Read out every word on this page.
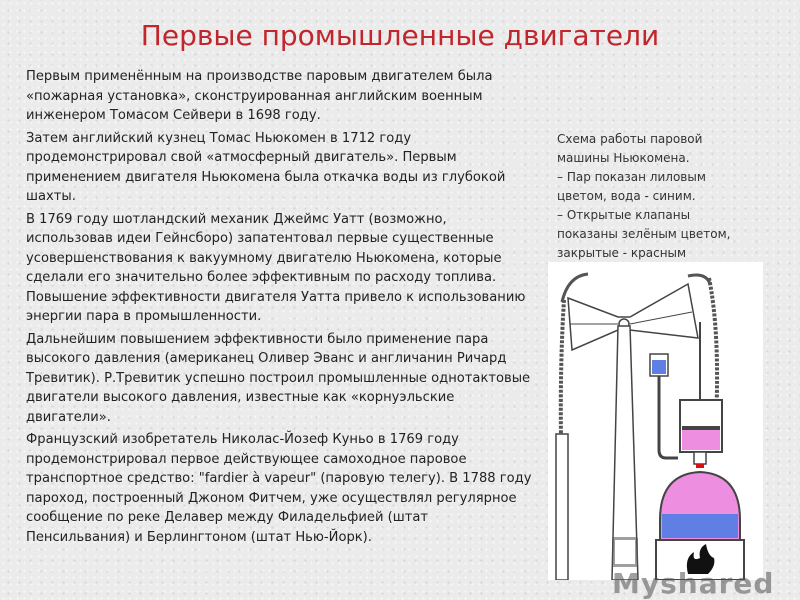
Первые промышленные двигатели

Первым применённым на производстве паровым двигателем была «пожарная установка», сконструированная английским военным инженером Томасом Сейвери в 1698 году.

Затем английский кузнец Томас Ньюкомен в 1712 году продемонстрировал свой «атмосферный двигатель». Первым применением двигателя Ньюкомена была откачка воды из глубокой шахты.

В 1769 году шотландский механик Джеймс Уатт (возможно, использовав идеи Гейнсборо) запатентовал первые существенные усовершенствования к вакуумному двигателю Ньюкомена, которые сделали его значительно более эффективным по расходу топлива. Повышение эффективности двигателя Уатта привело к использованию энергии пара в промышленности.

Дальнейшим повышением эффективности было применение пара высокого давления (американец Оливер Эванс и англичанин Ричард Тревитик). Р.Тревитик успешно построил промышленные однотактовые двигатели высокого давления, известные как «корнуэльские двигатели».

Французский изобретатель Николас-Йозеф Куньо в 1769 году продемонстрировал первое действующее самоходное паровое транспортное средство: "fardier à vapeur" (паровую телегу). В 1788 году пароход, построенный Джоном Фитчем, уже осуществлял регулярное сообщение по реке Делавер между Филадельфией (штат Пенсильвания) и Берлингтоном (штат Нью-Йорк).

Схема работы паровой
машины Ньюкомена.
– Пар показан лиловым
цветом, вода - синим.
– Открытые клапаны
показаны зелёным цветом,
закрытые - красным
Myshared
